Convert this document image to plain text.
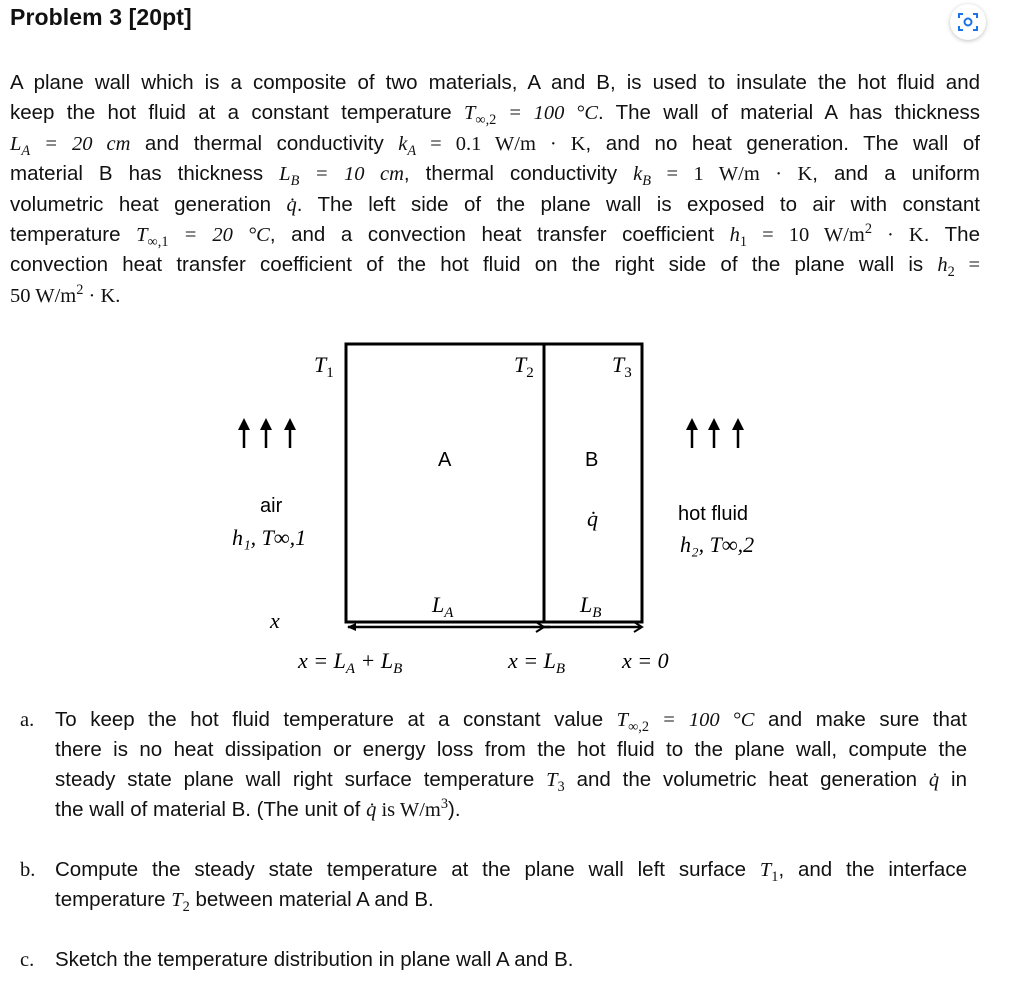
Problem 3 [20pt]
A plane wall which is a composite of two materials, A and B, is used to insulate the hot fluid and
keep the hot fluid at a constant temperature $T_{\infty,2} = 100$ °C. The wall of material A has thickness
$L_A = 20$ cm and thermal conductivity $k_A = 0.1$ W/m · K, and no heat generation. The wall of
material B has thickness $L_B = 10$ cm, thermal conductivity $k_B = 1$ W/m · K, and a uniform
volumetric heat generation q̇. The left side of the plane wall is exposed to air with constant
temperature $T_{\infty,1} = 20$ °C, and a convection heat transfer coefficient $h_1 = 10$ $W/m^2 \cdot K$. The
convection heat transfer coefficient of the hot fluid on the right side of the plane wall is $h_2$ =
50 $W/m^2 \cdot K$.
$T_1$	$T_2$	$T_3$
A	B
q̇
air
h₁, T∞,1
hot fluid
h₂, T∞,2
$L_A$	$L_B$
x
$x = L_A + L_B$	$x = L_B$	x = 0
a. To keep the hot fluid temperature at a constant value $T_{\infty,2} = 100$ °C and make sure that
there is no heat dissipation or energy loss from the hot fluid to the plane wall, compute the
steady state plane wall right surface temperature $T_3$ and the volumetric heat generation q̇ in
the wall of material B. (The unit of q̇ is $W/m^3$).
b. Compute the steady state temperature at the plane wall left surface $T_1$, and the interface
temperature $T_2$ between material A and B.
c. Sketch the temperature distribution in plane wall A and B.
